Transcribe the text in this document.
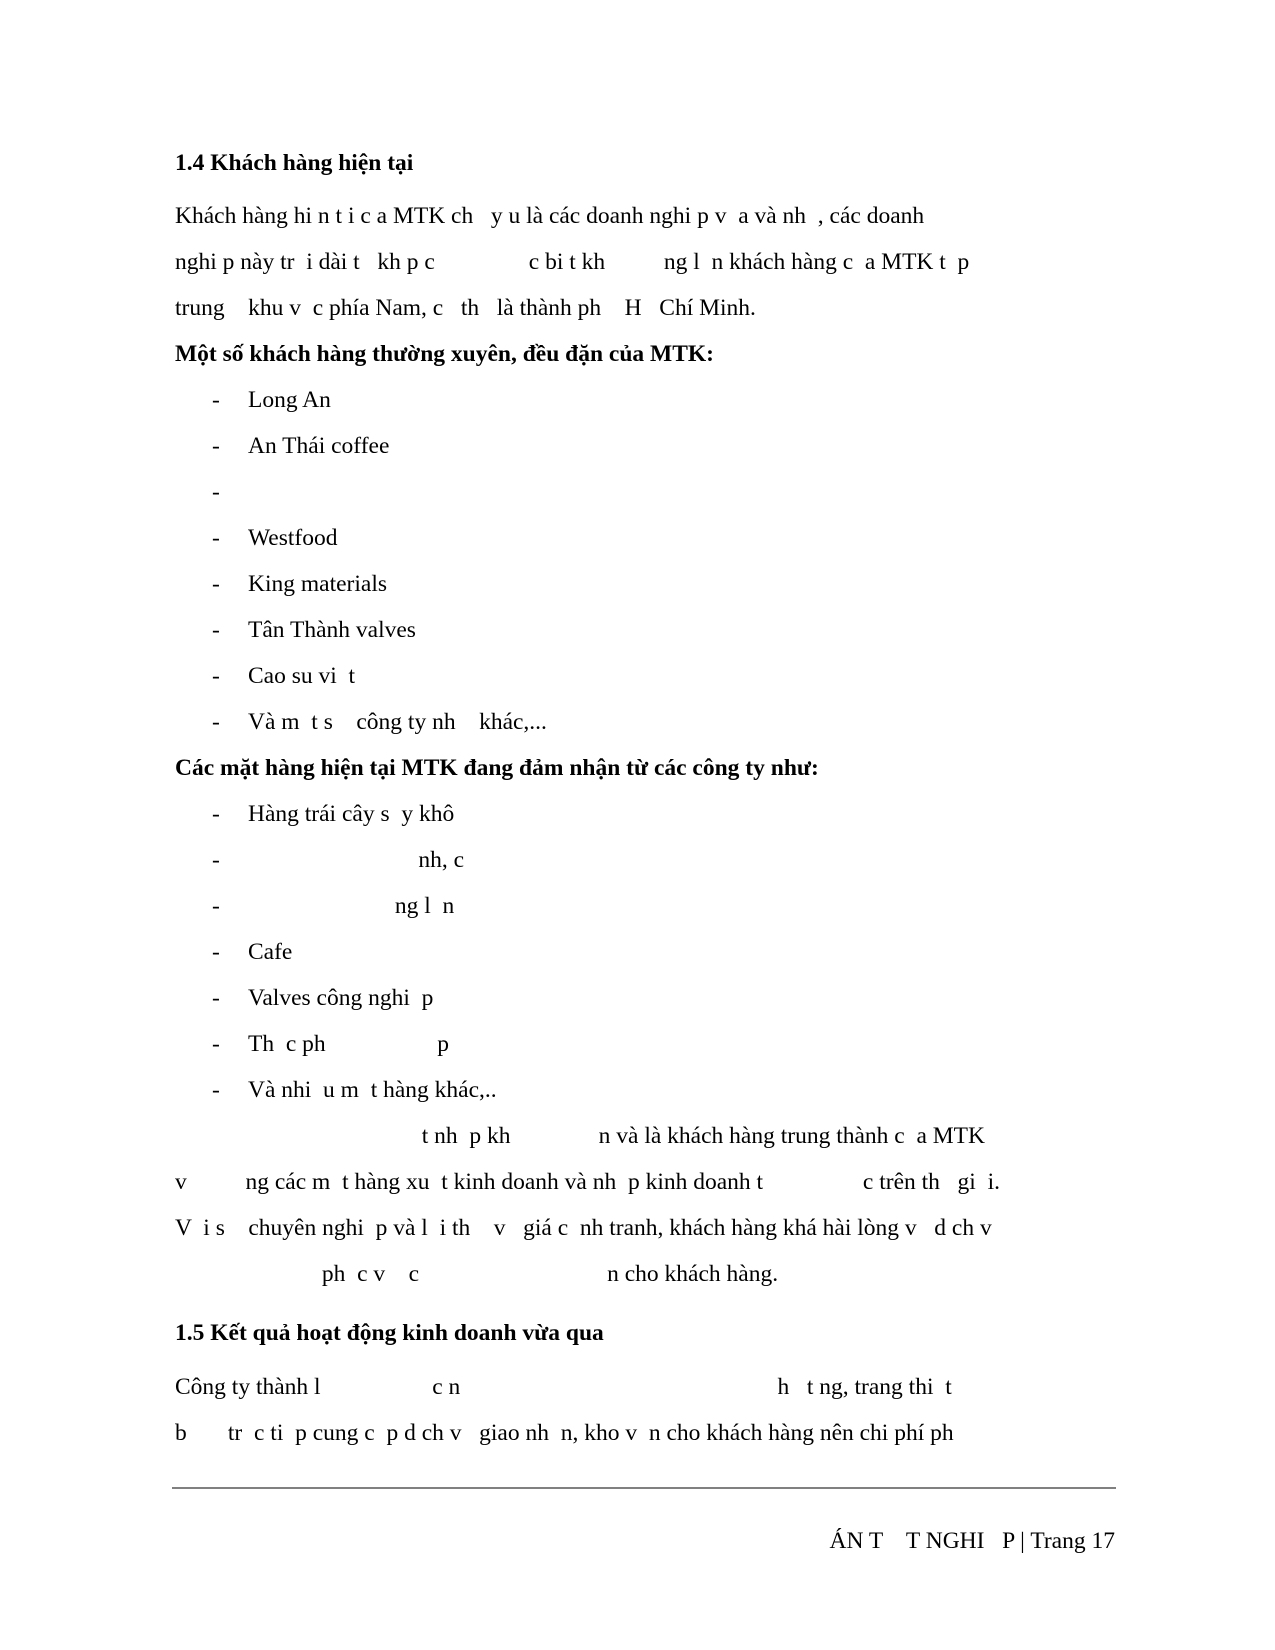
1.4 Khách hàng hiện tại
Khách hàng hi n t i c a MTK ch   y u là các doanh nghi p v  a và nh  , các doanh
nghi p này tr  i dài t   kh p c                c bi t kh          ng l  n khách hàng c  a MTK t  p
trung    khu v  c phía Nam, c   th   là thành ph    H   Chí Minh.
Một số khách hàng thường xuyên, đều đặn của MTK:
- Long An
- An Thái coffee
-
- Westfood
- King materials
- Tân Thành valves
- Cao su vi  t
- Và m  t s    công ty nh    khác,...
Các mặt hàng hiện tại MTK đang đảm nhận từ các công ty như:
- Hàng trái cây s  y khô
-                             nh, c
-                         ng l  n
- Cafe
- Valves công nghi  p
- Th  c ph                   p
- Và nhi  u m  t hàng khác,..
t nh  p kh               n và là khách hàng trung thành c  a MTK
v          ng các m  t hàng xu  t kinh doanh và nh  p kinh doanh t                 c trên th   gi  i.
V  i s    chuyên nghi  p và l  i th    v   giá c  nh tranh, khách hàng khá hài lòng v   d ch v
ph  c v    c                                n cho khách hàng.
1.5 Kết quả hoạt động kinh doanh vừa qua
Công ty thành l                   c n                                                      h   t ng, trang thi  t
b       tr  c ti  p cung c  p d ch v   giao nh  n, kho v  n cho khách hàng nên chi phí ph
ÁN T    T NGHI   P | Trang 17
